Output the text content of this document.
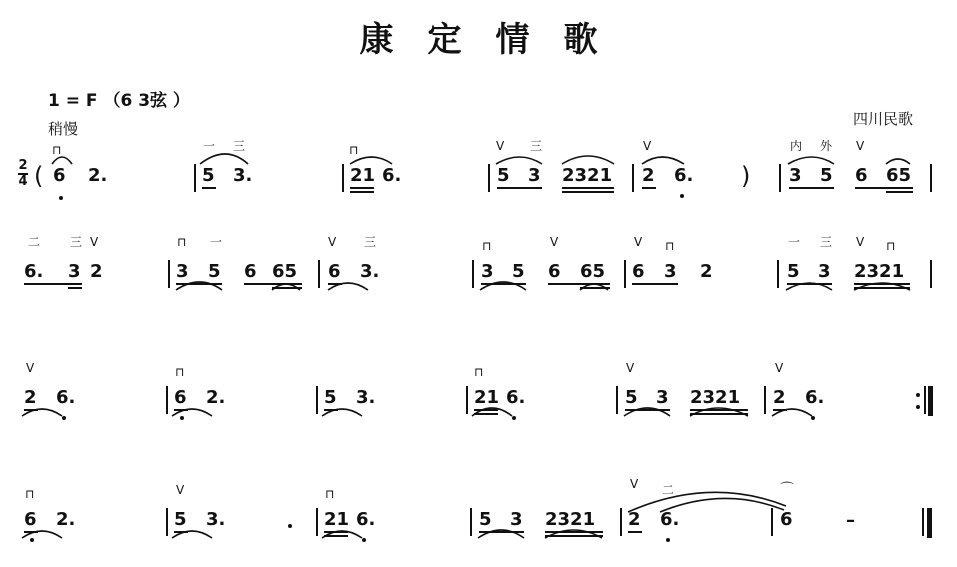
康定情歌
1 = F （6 3弦 ）
稍慢
四川民歌
2
4 (
⊓
6 2.
一 三
5 3.
⊓
21 6.
V 三
5 3 2321
V
2 6. )
内 外 V
3 5 6 65
二 三 V
6. 3 2
⊓ 一
3 5 6 65
V 三
6 3.
⊓
3 5
V
6 65
V ⊓
6 3 2
一 三 V ⊓
5 3 2321
V
2 6.
⊓
6 2.	5 3.
⊓
21 6.
V
5 3 2321
V
2 6.
⊓
6 2.
V
5 3.
⊓
21 6.	5 3 2321
V 二
2 6.
⌒
6	–
